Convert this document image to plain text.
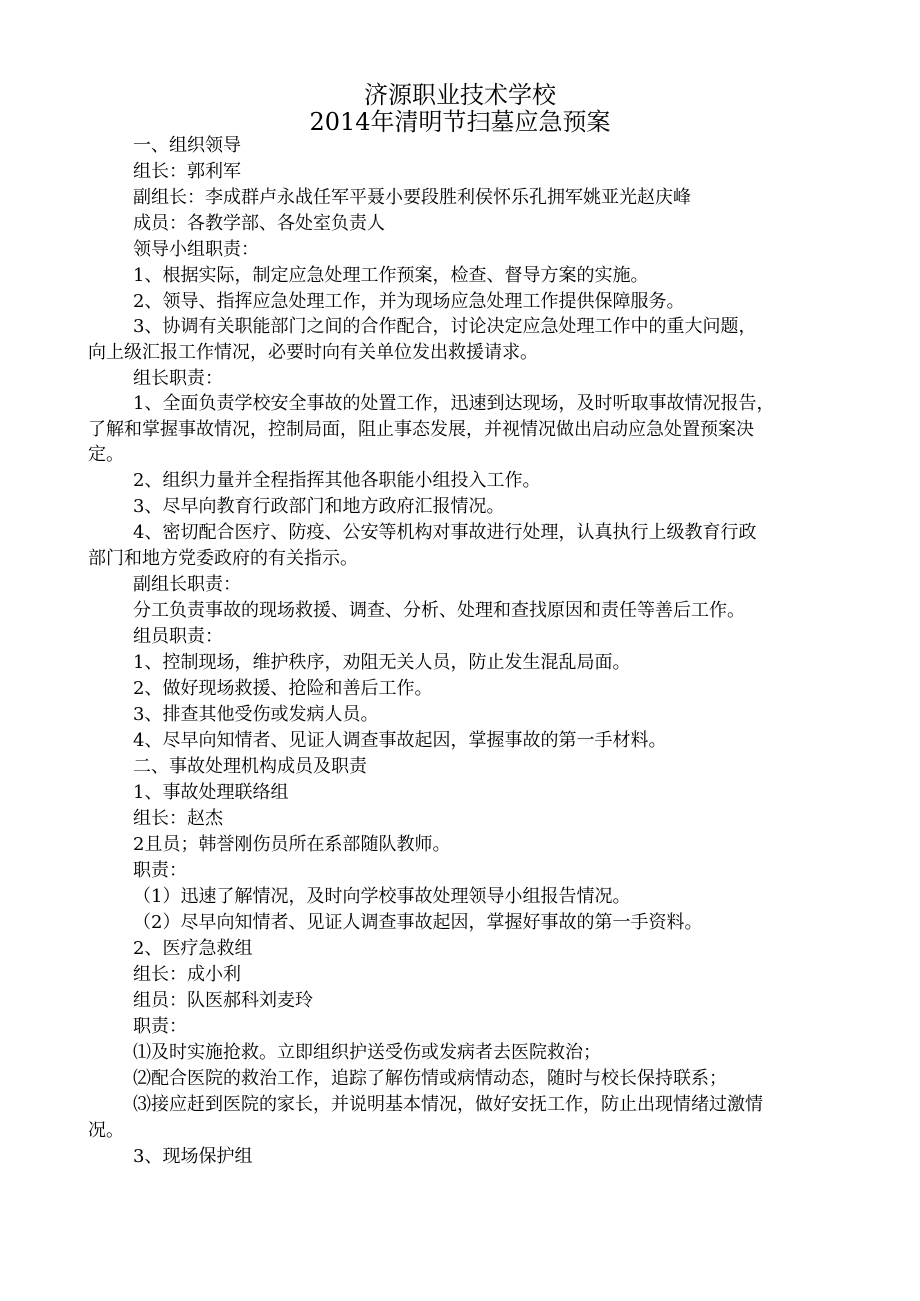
济源职业技术学校
2014年清明节扫墓应急预案
一、组织领导
组长：郭利军
副组长：李成群卢永战任军平聂小要段胜利侯怀乐孔拥军姚亚光赵庆峰
成员：各教学部、各处室负责人
领导小组职责：
1、根据实际，制定应急处理工作预案，检查、督导方案的实施。
2、领导、指挥应急处理工作，并为现场应急处理工作提供保障服务。
3、协调有关职能部门之间的合作配合，讨论决定应急处理工作中的重大问题，
向上级汇报工作情况，必要时向有关单位发出救援请求。
组长职责：
1、全面负责学校安全事故的处置工作，迅速到达现场，及时听取事故情况报告，
了解和掌握事故情况，控制局面，阻止事态发展，并视情况做出启动应急处置预案决
定。
2、组织力量并全程指挥其他各职能小组投入工作。
3、尽早向教育行政部门和地方政府汇报情况。
4、密切配合医疗、防疫、公安等机构对事故进行处理，认真执行上级教育行政
部门和地方党委政府的有关指示。
副组长职责：
分工负责事故的现场救援、调查、分析、处理和查找原因和责任等善后工作。
组员职责：
1、控制现场，维护秩序，劝阻无关人员，防止发生混乱局面。
2、做好现场救援、抢险和善后工作。
3、排查其他受伤或发病人员。
4、尽早向知情者、见证人调查事故起因，掌握事故的第一手材料。
二、事故处理机构成员及职责
1、事故处理联络组
组长：赵杰
2且员；韩誉刚伤员所在系部随队教师。
职责：
（1）迅速了解情况，及时向学校事故处理领导小组报告情况。
（2）尽早向知情者、见证人调查事故起因，掌握好事故的第一手资料。
2、医疗急救组
组长：成小利
组员：队医郝科刘麦玲
职责：
⑴及时实施抢救。立即组织护送受伤或发病者去医院救治；
⑵配合医院的救治工作，追踪了解伤情或病情动态，随时与校长保持联系；
⑶接应赶到医院的家长，并说明基本情况，做好安抚工作，防止出现情绪过激情
况。
3、现场保护组
